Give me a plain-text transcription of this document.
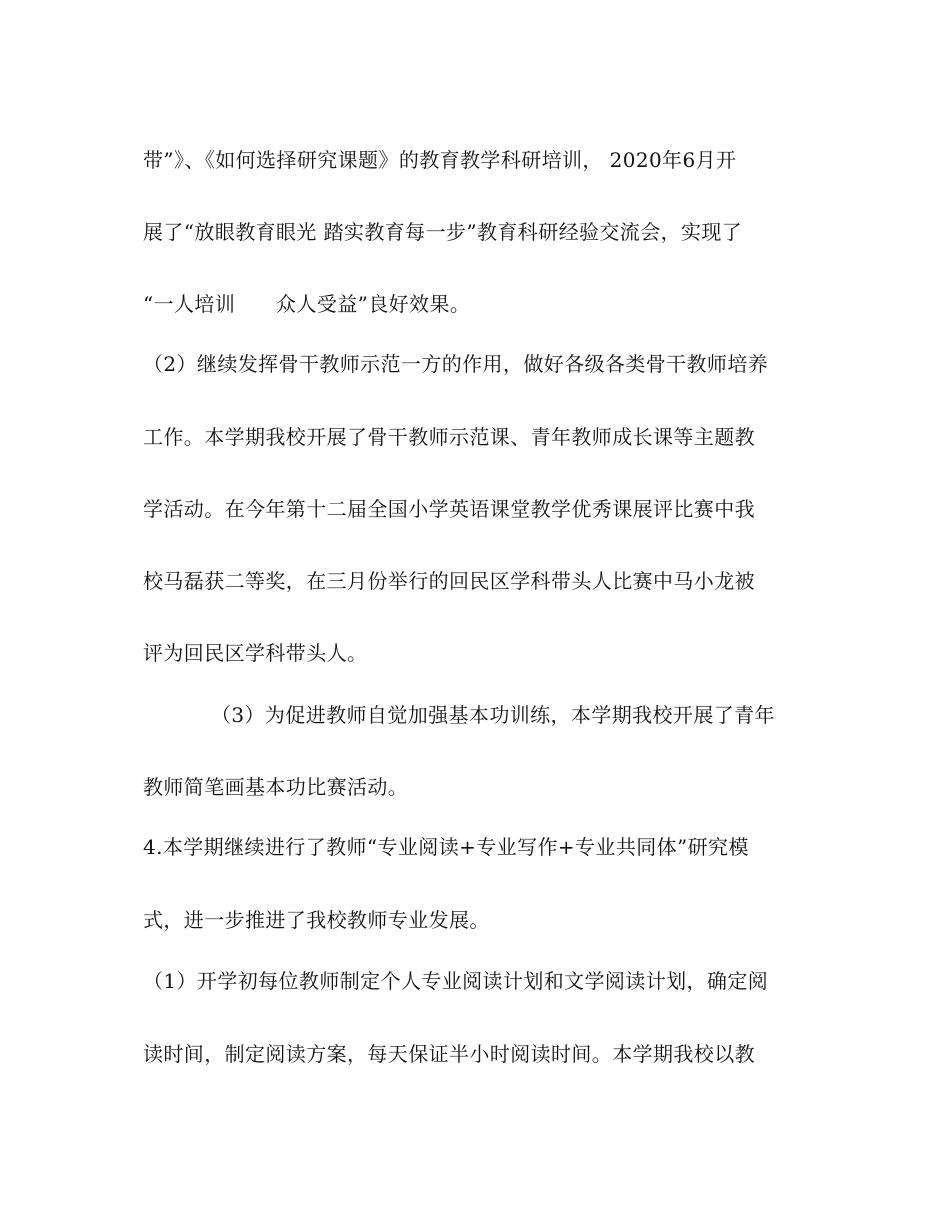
带”》、《如何选择研究课题》的教育教学科研培训， 2020年6月开
展了“放眼教育眼光 踏实教育每一步”教育科研经验交流会，实现了
“一人培训　　众人受益”良好效果。
（2）继续发挥骨干教师示范一方的作用，做好各级各类骨干教师培养
工作。本学期我校开展了骨干教师示范课、青年教师成长课等主题教
学活动。在今年第十二届全国小学英语课堂教学优秀课展评比赛中我
校马磊获二等奖，在三月份举行的回民区学科带头人比赛中马小龙被
评为回民区学科带头人。
（3）为促进教师自觉加强基本功训练，本学期我校开展了青年
教师简笔画基本功比赛活动。
4.本学期继续进行了教师“专业阅读+专业写作+专业共同体”研究模
式，进一步推进了我校教师专业发展。
（1）开学初每位教师制定个人专业阅读计划和文学阅读计划，确定阅
读时间，制定阅读方案，每天保证半小时阅读时间。本学期我校以教
